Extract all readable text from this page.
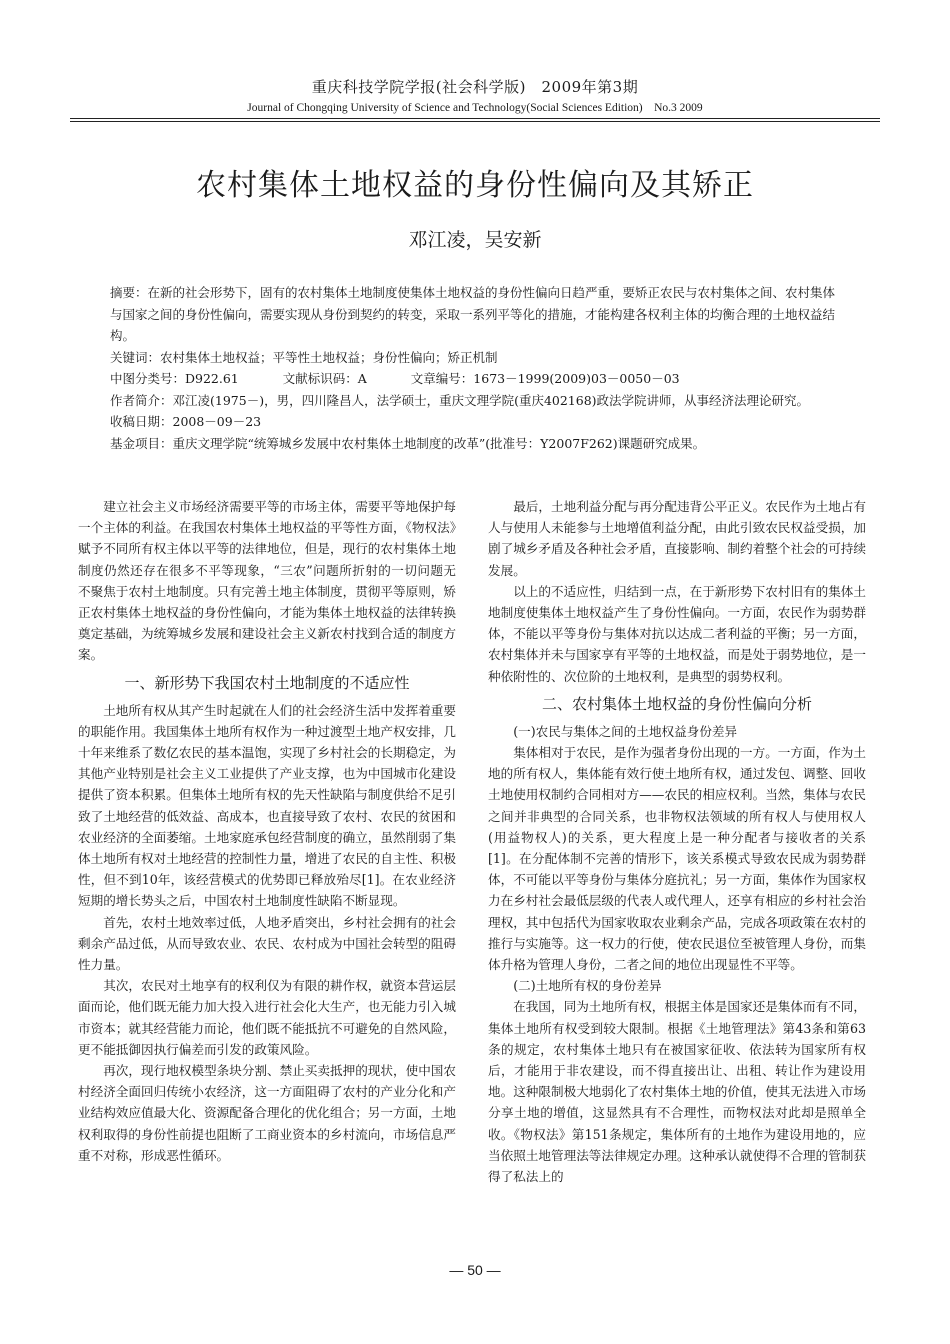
重庆科技学院学报(社会科学版)　2009年第3期
Journal of Chongqing University of Science and Technology(Social Sciences Edition)　No.3 2009
农村集体土地权益的身份性偏向及其矫正
邓江凌，吴安新

摘要：在新的社会形势下，固有的农村集体土地制度使集体土地权益的身份性偏向日趋严重，要矫正农民与农村集体之间、农村集体与国家之间的身份性偏向，需要实现从身份到契约的转变，采取一系列平等化的措施，才能构建各权利主体的均衡合理的土地权益结构。

关键词：农村集体土地权益；平等性土地权益；身份性偏向；矫正机制

中图分类号：D922.61	文献标识码：A	文章编号：1673－1999(2009)03－0050－03

作者简介：邓江凌(1975－)，男，四川隆昌人，法学硕士，重庆文理学院(重庆402168)政法学院讲师，从事经济法理论研究。

收稿日期：2008－09－23

基金项目：重庆文理学院“统筹城乡发展中农村集体土地制度的改革”(批准号：Y2007F262)课题研究成果。

建立社会主义市场经济需要平等的市场主体，需要平等地保护每一个主体的利益。在我国农村集体土地权益的平等性方面，《物权法》赋予不同所有权主体以平等的法律地位，但是，现行的农村集体土地制度仍然还存在很多不平等现象，“三农”问题所折射的一切问题无不聚焦于农村土地制度。只有完善土地主体制度，贯彻平等原则，矫正农村集体土地权益的身份性偏向，才能为集体土地权益的法律转换奠定基础，为统筹城乡发展和建设社会主义新农村找到合适的制度方案。

一、新形势下我国农村土地制度的不适应性

土地所有权从其产生时起就在人们的社会经济生活中发挥着重要的职能作用。我国集体土地所有权作为一种过渡型土地产权安排，几十年来维系了数亿农民的基本温饱，实现了乡村社会的长期稳定，为其他产业特别是社会主义工业提供了产业支撑，也为中国城市化建设提供了资本积累。但集体土地所有权的先天性缺陷与制度供给不足引致了土地经营的低效益、高成本，也直接导致了农村、农民的贫困和农业经济的全面萎缩。土地家庭承包经营制度的确立，虽然削弱了集体土地所有权对土地经营的控制性力量，增进了农民的自主性、积极性，但不到10年，该经营模式的优势即已释放殆尽[1]。在农业经济短期的增长势头之后，中国农村土地制度性缺陷不断显现。

首先，农村土地效率过低，人地矛盾突出，乡村社会拥有的社会剩余产品过低，从而导致农业、农民、农村成为中国社会转型的阻碍性力量。

其次，农民对土地享有的权利仅为有限的耕作权，就资本营运层面而论，他们既无能力加大投入进行社会化大生产，也无能力引入城市资本；就其经营能力而论，他们既不能抵抗不可避免的自然风险，更不能抵御因执行偏差而引发的政策风险。

再次，现行地权模型条块分割、禁止买卖抵押的现状，使中国农村经济全面回归传统小农经济，这一方面阻碍了农村的产业分化和产业结构效应值最大化、资源配备合理化的优化组合；另一方面，土地权利取得的身份性前提也阻断了工商业资本的乡村流向，市场信息严重不对称，形成恶性循环。

最后，土地利益分配与再分配违背公平正义。农民作为土地占有人与使用人未能参与土地增值利益分配，由此引致农民权益受损，加剧了城乡矛盾及各种社会矛盾，直接影响、制约着整个社会的可持续发展。

以上的不适应性，归结到一点，在于新形势下农村旧有的集体土地制度使集体土地权益产生了身份性偏向。一方面，农民作为弱势群体，不能以平等身份与集体对抗以达成二者利益的平衡；另一方面，农村集体并未与国家享有平等的土地权益，而是处于弱势地位，是一种依附性的、次位阶的土地权利，是典型的弱势权利。

二、农村集体土地权益的身份性偏向分析
(一)农民与集体之间的土地权益身份差异

集体相对于农民，是作为强者身份出现的一方。一方面，作为土地的所有权人，集体能有效行使土地所有权，通过发包、调整、回收土地使用权制约合同相对方——农民的相应权利。当然，集体与农民之间并非典型的合同关系，也非物权法领域的所有权人与使用权人(用益物权人)的关系，更大程度上是一种分配者与接收者的关系[1]。在分配体制不完善的情形下，该关系模式导致农民成为弱势群体，不可能以平等身份与集体分庭抗礼；另一方面，集体作为国家权力在乡村社会最低层级的代表人或代理人，还享有相应的乡村社会治理权，其中包括代为国家收取农业剩余产品，完成各项政策在农村的推行与实施等。这一权力的行使，使农民退位至被管理人身份，而集体升格为管理人身份，二者之间的地位出现显性不平等。

(二)土地所有权的身份差异

在我国，同为土地所有权，根据主体是国家还是集体而有不同，集体土地所有权受到较大限制。根据《土地管理法》第43条和第63条的规定，农村集体土地只有在被国家征收、依法转为国家所有权后，才能用于非农建设，而不得直接出让、出租、转让作为建设用地。这种限制极大地弱化了农村集体土地的价值，使其无法进入市场分享土地的增值，这显然具有不合理性，而物权法对此却是照单全收。《物权法》第151条规定，集体所有的土地作为建设用地的，应当依照土地管理法等法律规定办理。这种承认就使得不合理的管制获得了私法上的

— 50 —
